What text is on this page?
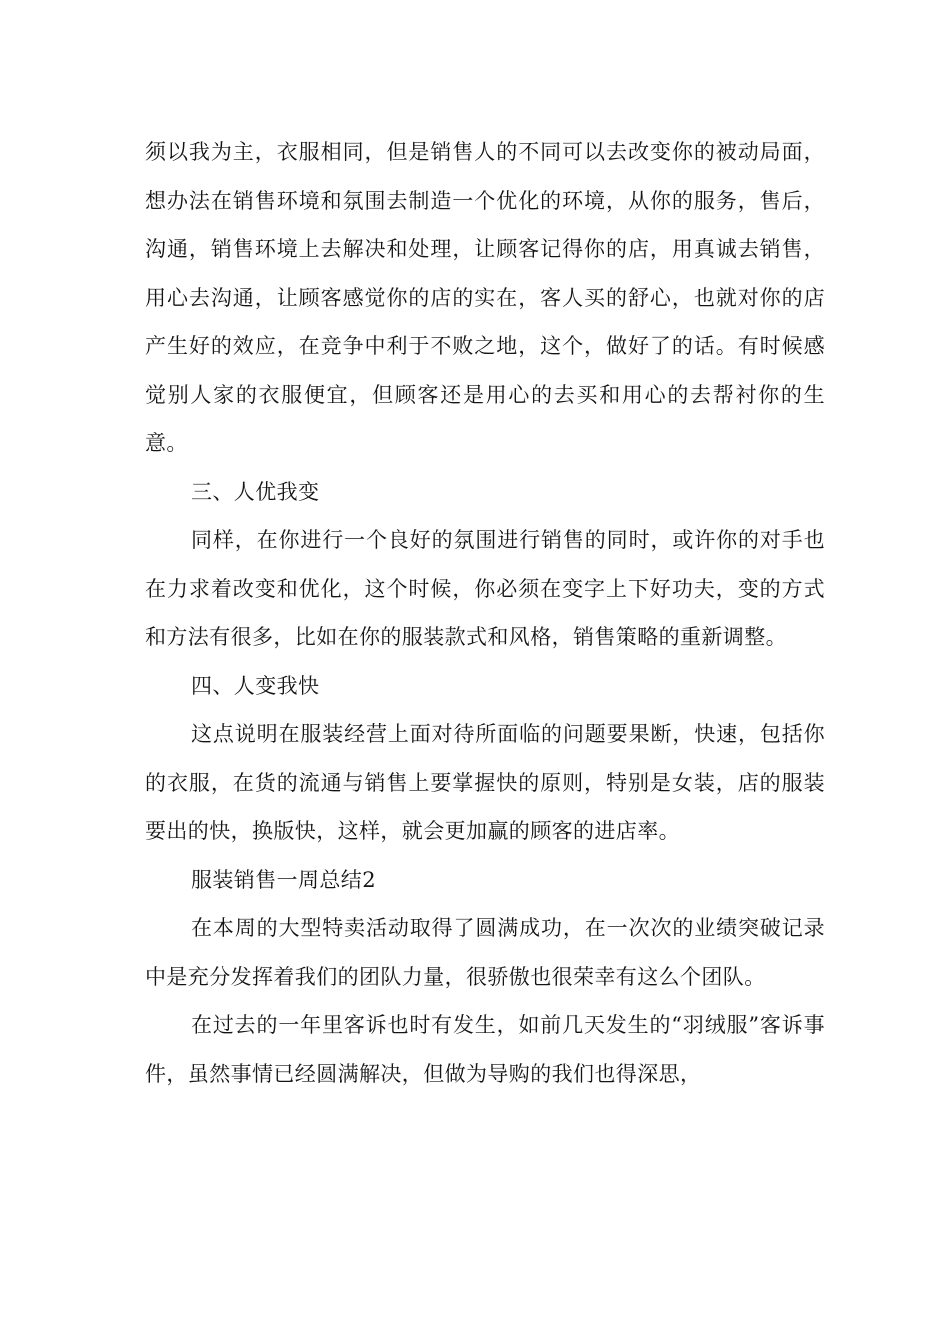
须以我为主，衣服相同，但是销售人的不同可以去改变你的被动局面，想办法在销售环境和氛围去制造一个优化的环境，从你的服务，售后，沟通，销售环境上去解决和处理，让顾客记得你的店，用真诚去销售，用心去沟通，让顾客感觉你的店的实在，客人买的舒心，也就对你的店产生好的效应，在竞争中利于不败之地，这个，做好了的话。有时候感觉别人家的衣服便宜，但顾客还是用心的去买和用心的去帮衬你的生意。

三、人优我变

同样，在你进行一个良好的氛围进行销售的同时，或许你的对手也在力求着改变和优化，这个时候，你必须在变字上下好功夫，变的方式和方法有很多，比如在你的服装款式和风格，销售策略的重新调整。

四、人变我快

这点说明在服装经营上面对待所面临的问题要果断，快速，包括你的衣服，在货的流通与销售上要掌握快的原则，特别是女装，店的服装要出的快，换版快，这样，就会更加赢的顾客的进店率。

服装销售一周总结2

在本周的大型特卖活动取得了圆满成功，在一次次的业绩突破记录中是充分发挥着我们的团队力量，很骄傲也很荣幸有这么个团队。

在过去的一年里客诉也时有发生，如前几天发生的“羽绒服”客诉事件，虽然事情已经圆满解决，但做为导购的我们也得深思，
